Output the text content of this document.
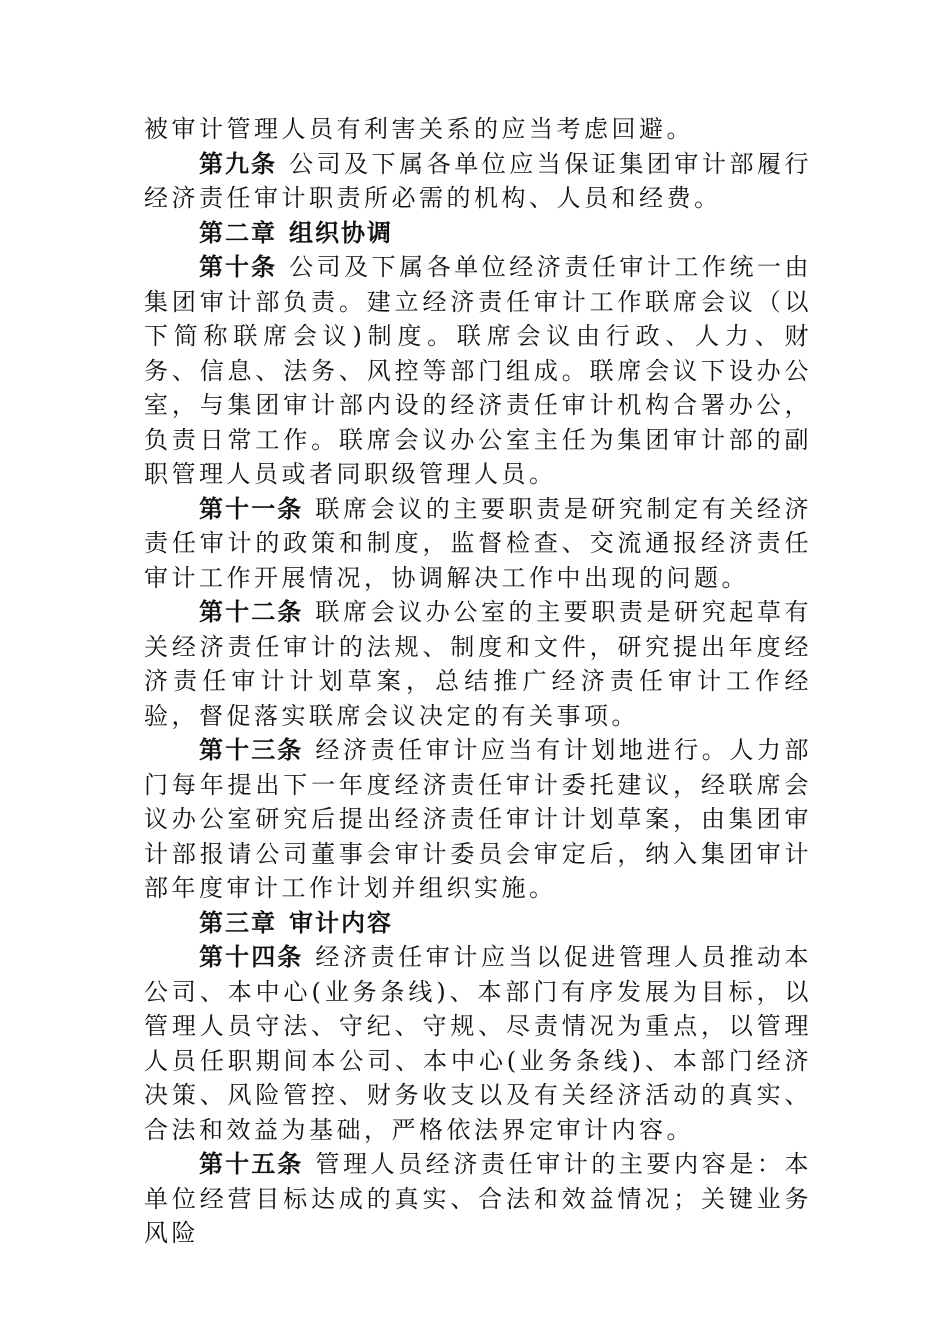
被审计管理人员有利害关系的应当考虑回避。

第九条 公司及下属各单位应当保证集团审计部履行经济责任审计职责所必需的机构、人员和经费。

第二章 组织协调

第十条 公司及下属各单位经济责任审计工作统一由集团审计部负责。建立经济责任审计工作联席会议（以下简称联席会议)制度。联席会议由行政、人力、财务、信息、法务、风控等部门组成。联席会议下设办公室，与集团审计部内设的经济责任审计机构合署办公，负责日常工作。联席会议办公室主任为集团审计部的副职管理人员或者同职级管理人员。

第十一条 联席会议的主要职责是研究制定有关经济责任审计的政策和制度，监督检查、交流通报经济责任审计工作开展情况，协调解决工作中出现的问题。

第十二条 联席会议办公室的主要职责是研究起草有关经济责任审计的法规、制度和文件，研究提出年度经济责任审计计划草案，总结推广经济责任审计工作经验，督促落实联席会议决定的有关事项。

第十三条 经济责任审计应当有计划地进行。人力部门每年提出下一年度经济责任审计委托建议，经联席会议办公室研究后提出经济责任审计计划草案，由集团审计部报请公司董事会审计委员会审定后，纳入集团审计部年度审计工作计划并组织实施。

第三章 审计内容

第十四条 经济责任审计应当以促进管理人员推动本公司、本中心(业务条线)、本部门有序发展为目标，以管理人员守法、守纪、守规、尽责情况为重点，以管理人员任职期间本公司、本中心(业务条线)、本部门经济决策、风险管控、财务收支以及有关经济活动的真实、合法和效益为基础，严格依法界定审计内容。

第十五条 管理人员经济责任审计的主要内容是：本单位经营目标达成的真实、合法和效益情况；关键业务风险
